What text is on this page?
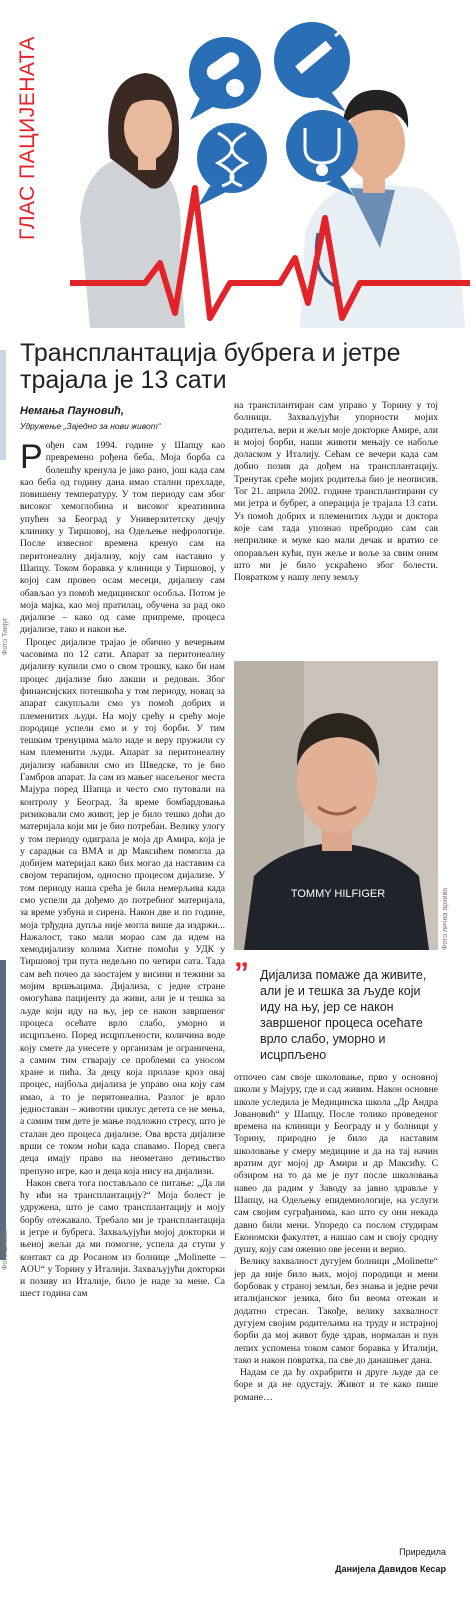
Фото Танјуг
Фото Штаба
ГЛАС ПАЦИЈЕНАТА
Трансплантација бубрега и јетре трајала је 13 сати
Немања Пауновић,
Удружење „Заједно за нови живот“
Р ођен сам 1994. године у Шапцу као превремено рођена беба. Моја борба са болешћу кренула је јако рано, још када сам као беба од годину дана имао стални прехладе, повишену температуру. У том периоду сам због високог хемоглобина и високог креатинина упућен за Београд у Универзитетску дечју клинику у Тиршовој, на Одељење нефрологије. После извесног времена кренуо сам на перитонеалну дијализу, коју сам наставио у Шапцу. Током боравка у клиници у Тиршовој, у којој сам провео осам месеци, дијализу сам обављао уз помоћ медицинског особља. Потом је моја мајка, као мој пратилац, обучена за рад око дијализе – како од саме припреме, процеса дијализе, тако и након ње.

Процес дијализе трајао је обично у вечерњим часовима по 12 сати. Апарат за перитонеалну дијализу купили смо о свом трошку, како би нам процес дијализе био лакши и редован. Због финансијских потешкоћа у том периоду, новац за апарат сакупљали смо уз помоћ добрих и племенитих људи. На моју срећу и срећу моје породице успели смо и у тој борби. У тим тешким тренуцима мало наде и веру пружили су нам племенити људи. Апарат за перитонеалну дијализу набавили смо из Шведске, то је био Гамбров апарат. Ја сам из мањег насељеног места Мајура поред Шапца и често смо путовали на контролу у Београд. За време бомбардовања ризиковали смо живот, јер је било тешко доћи до материјала који ми је био потребан. Велику улогу у том периоду одиграла је моја др Амира, која је у сарадњи са ВМА и др Максићем помогла да добијем материјал како бих могао да наставим са својом терапијом, односно процесом дијализе. У том периоду наша срећа је била немерљива када смо успели да дођемо до потребног материјала, за време узбуна и сирена. Након две и по године, моја трђудна дупља није могла више да издржи... Нажалост, тако мали морао сам да идем на хемодијализу колима Хитне помоћи у УДК у Тиршовој три пута недељно по четири сата. Тада сам већ почео да заостајем у висини и тежини за мојим вршњацима. Дијализа, с једне стране омогућава пацијенту да живи, али је и тешка за људе који иду на њу, јер се након завршеног процеса осећате врло слабо, уморно и исцрпљено. Поред исцрпљености, количина воде коју смете да унесете у организам је ограничена, а самим тим стварају се проблеми са уносом хране и пића. За децу која пролазе кроз овај процес, најбоља дијализа је управо она коју сам имао, а то је перитонеална. Разлог је врло једноставан – животни циклус детета се не мења, а самим тим дете је мање подложно стресу, што је сталан део процеса дијализе. Ова врста дијализе врши се током ноћи када спавамо. Поред свега деца имају право на неометано детињство препуно игре, као и деца која нису на дијализи.

Након свега тога постављало се питање: „Да ли ћу ићи на трансплантацију?“ Моја болест је удружена, што је само трансплантацију и моју борбу отежавало. Требало ми је трансплантација и јетре и бубрега. Захваљујући мојој докторки и њеној жељи да ми помогне, успела да ступи у контакт са др Росаном из болнице „Molinette – AOU“ у Торину у Италији. Захваљујући докторки и позиву из Италије, било је наде за мене. Са шест година сам

на трансплантиран сам управо у Торину у тој болници. Захваљујући упорности мојих родитеља, вери и жељи моје докторке Амире, али и мојој борби, наши животи мењају се набоље доласком у Италију. Сећам се вечери када сам добио позив да дођем на трансплантацију. Тренутак среће мојих родитеља био је неописив. Тог 21. априла 2002. године трансплантирани су ми јетра и бубрег, а операција је трајала 13 сати. Уз помоћ добрих и племенитих људи и доктора које сам тада упознао пребродио сам сав неприлике и муке као мали дечак и вратио се опорављен кући, пун жеље и воље за свим оним што ми је било ускраћено због болести. Повратком у нашу лепу земљу

TOMMY HILFIGER	Фото лична архива
” Дијализа помаже да живите, али је и тешка за људе који иду на њу, јер се након завршеног процеса осећате врло слабо, уморно и исцрпљено

отпочео сам своје школовање, прво у основној школи у Мајуру, где и сад живим. Након основне школе уследила је Медицинска школа „Др Андра Јовановић“ у Шапцу. После толико проведеног времена на клиници у Београду и у болници у Торину, природно је било да наставим школовање у смеру медицине и да на тај начин вратим дуг мојој др Амири и др Максићу. С обзиром на то да ме је пут после школовања навео да радим у Заводу за јавно здравље у Шапцу, на Одељењу епидемиологије, на услуги сам својим суграђанима, као што су они некада давно били мени. Упоредо са послом студирам Економски факултет, а нашао сам и своју сродну душу, коју сам оженио ове јесени и верио.

Велику захвалност дугујем болници „Molinette“ јер да није било њих, мојој породици и мени борбовак у страној земљи, без знања и једне речи италијанског језика, био би веома отежан и додатно стресан. Такође, велику захвалност дугујем својим родитељима на труду и истрајној борби да мој живот буде здрав, нормалан и пун лепих успомена током самог боравка у Италији, тако и након повратка, па све до данашњег дана.

Надам се да ћу охрабрити и друге људе да се боре и да не одустају. Живот и те како пише романе…

Приредила
Данијела Давидов Кесар
